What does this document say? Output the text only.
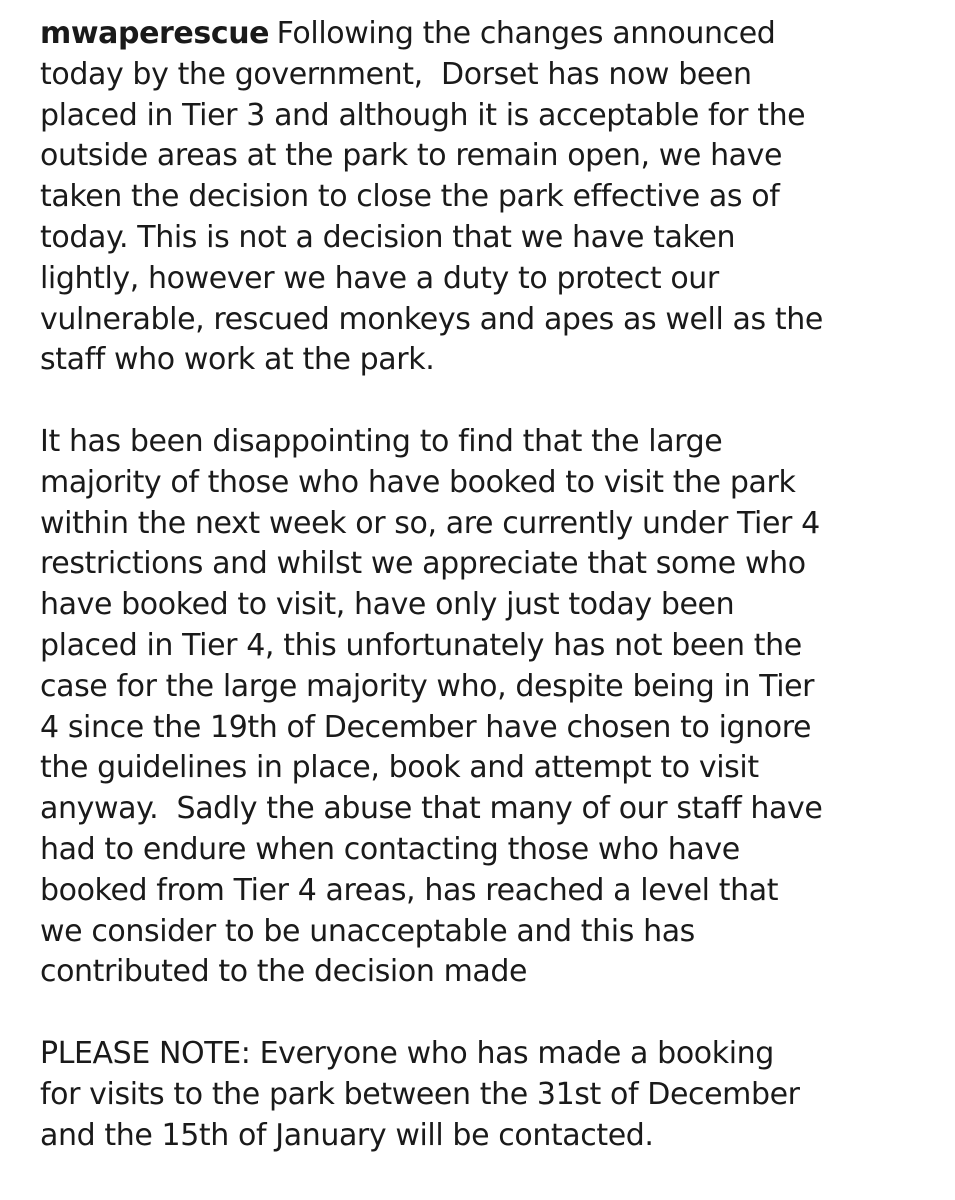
mwaperescue Following the changes announced
today by the government,  Dorset has now been
placed in Tier 3 and although it is acceptable for the
outside areas at the park to remain open, we have
taken the decision to close the park effective as of
today. This is not a decision that we have taken
lightly, however we have a duty to protect our
vulnerable, rescued monkeys and apes as well as the
staff who work at the park.
It has been disappointing to find that the large
majority of those who have booked to visit the park
within the next week or so, are currently under Tier 4
restrictions and whilst we appreciate that some who
have booked to visit, have only just today been
placed in Tier 4, this unfortunately has not been the
case for the large majority who, despite being in Tier
4 since the 19th of December have chosen to ignore
the guidelines in place, book and attempt to visit
anyway.  Sadly the abuse that many of our staff have
had to endure when contacting those who have
booked from Tier 4 areas, has reached a level that
we consider to be unacceptable and this has
contributed to the decision made
PLEASE NOTE: Everyone who has made a booking
for visits to the park between the 31st of December
and the 15th of January will be contacted.
